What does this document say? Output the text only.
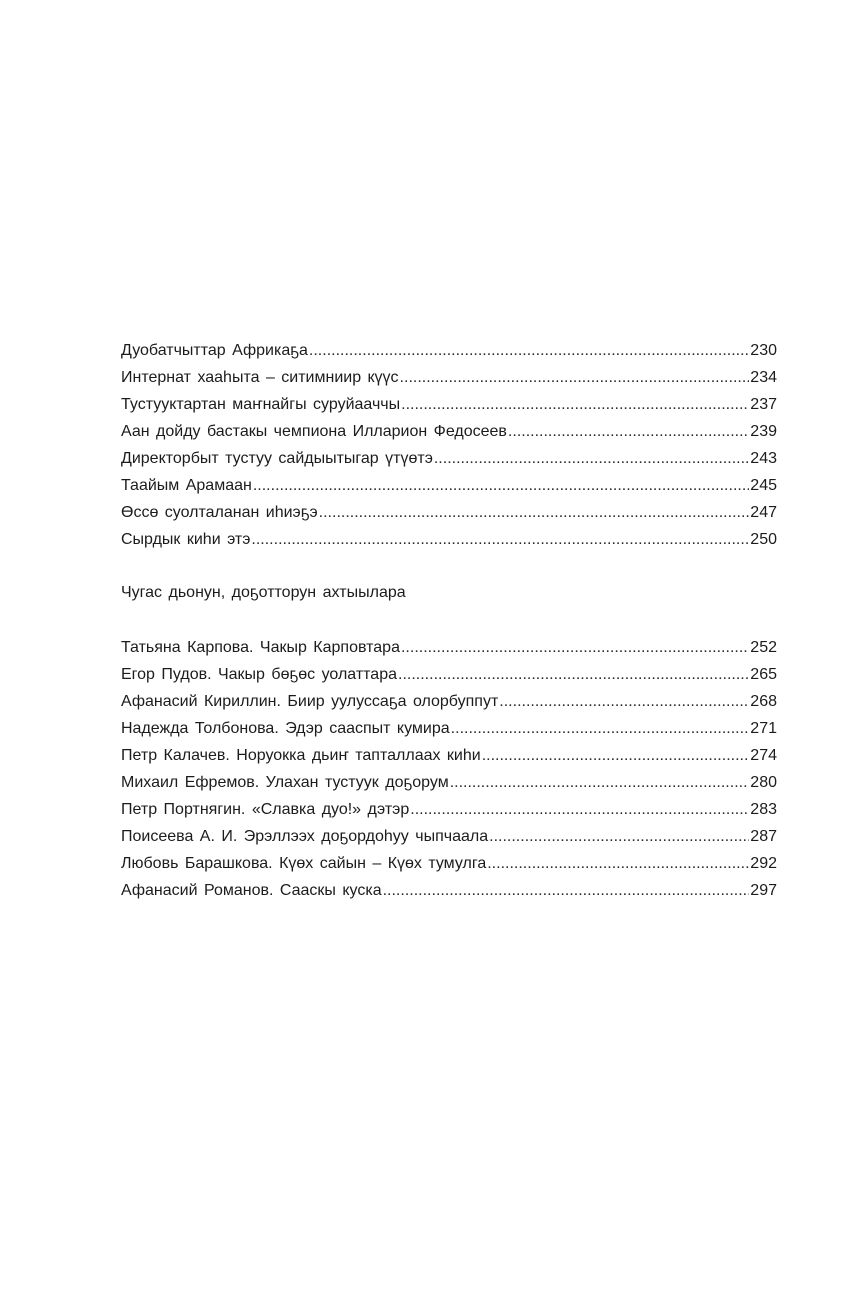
Дуобатчыттар Африкаҕа .....	230
Интернат хааһыта – ситимниир күүс .....	234
Тустууктартан маҥнайгы суруйааччы .....	237
Аан дойду бастакы чемпиона Илларион Федосеев .....	239
Директорбыт тустуу сайдыытыгар үтүөтэ .....	243
Таайым Арамаан .....	245
Өссө суолталанан иһиэҕэ .....	247
Сырдык киһи этэ .....	250
Чугас дьонун, доҕотторун ахтыылара
Татьяна Карпова. Чакыр Карповтара .....	252
Егор Пудов. Чакыр бөҕөс уолаттара .....	265
Афанасий Кириллин. Биир уулуссаҕа олорбуппут .....	268
Надежда Толбонова. Эдэр сааспыт кумира .....	271
Петр Калачев. Норуокка дьиҥ тапталлаах киһи .....	274
Михаил Ефремов. Улахан тустуук доҕорум .....	280
Петр Портнягин. «Славка дуо!» дэтэр .....	283
Поисеева А. И. Эрэллээх доҕордоһуу чыпчаала .....	287
Любовь Барашкова. Күөх сайын – Күөх тумулга .....	292
Афанасий Романов. Сааскы куска .....	297
